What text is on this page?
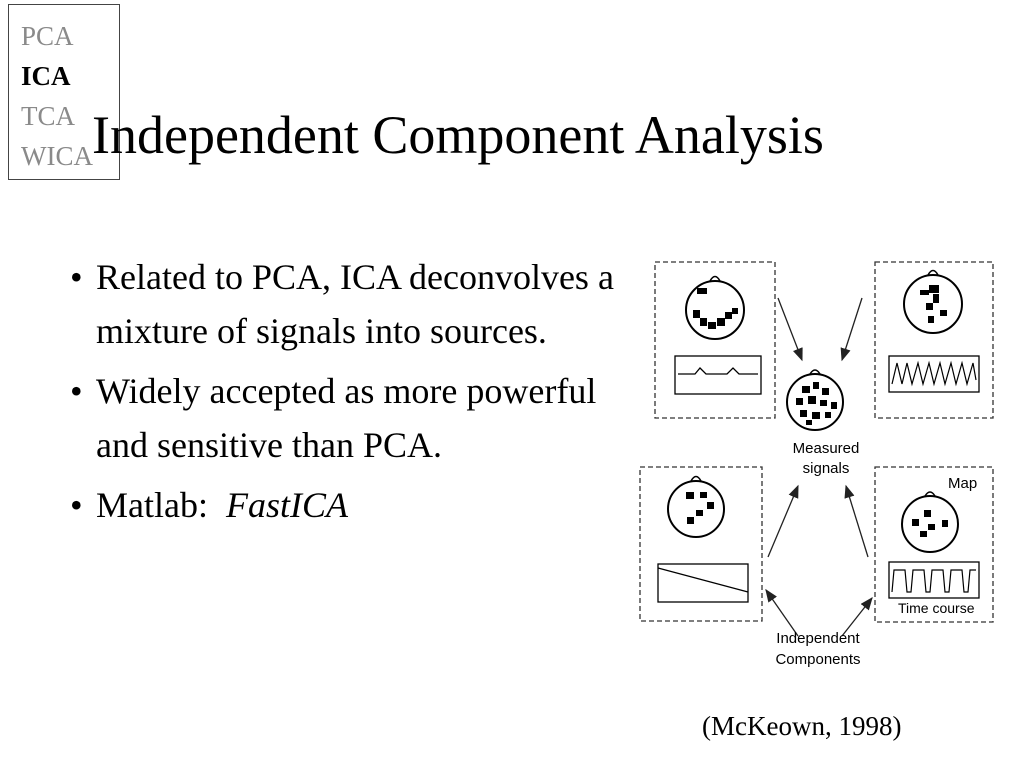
PCA
ICA
TCA
WICA Independent Component Analysis
• Related to PCA, ICA deconvolves a mixture of signals into sources.
• Widely accepted as more powerful and sensitive than PCA.
• Matlab: FastICA
Measured
signals
Map
Time course
Independent
Components
(McKeown, 1998)
